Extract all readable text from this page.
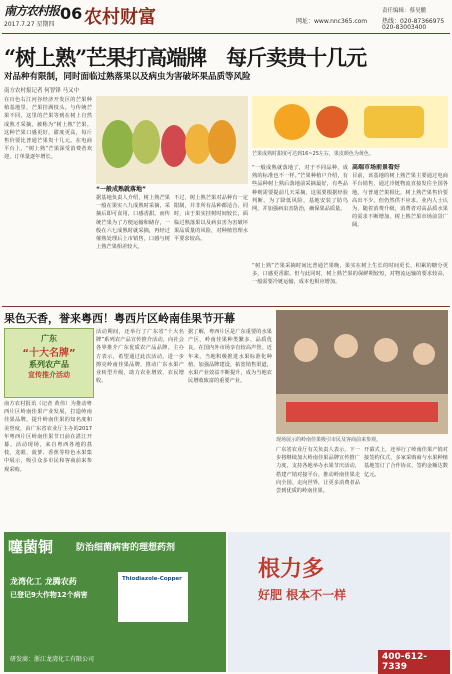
南方农村报 06 农村财富
2017.7.27 星期四	网址：www.nnc365.com
责任编辑：蔡昊鹏
热线：020-87366975
020-83003400
“树上熟”芒果打高端牌　每斤卖贵十几元
对品种有限制，同时面临过熟落果以及病虫为害破坏果品质等风险
南方农村报记者 何智锋 马又中
在百色右江河谷经济开发区的芒果种植基地里，芒果挂满枝头。与传统芒果不同，这里的芒果等到在树上自然成熟才采摘，被称为“树上熟”芒果。这种芒果口感更好，甜度更高，每斤售价要比普通芒果贵十几元。在电商平台上，“树上熟”芒果深受消费者欢迎，订单量逐年增长。
“一般成熟就落地”
据基地负责人介绍，树上熟芒果一般在果实八九成熟时采摘，采摘后即可食用，口感香甜。而传统芒果为了方便运输和储存，一般在六七成熟时就采摘，再经过催熟处理后上市销售，口感与树上熟芒果相差较大。
不过，树上熟芒果对品种有一定限制，并非所有品种都适合。同时，由于果实挂树时间较长，面临过熟落果以及病虫害为害破坏果品质量的风险，对种植管理水平要求较高。
芒果成熟时甜度可达到16~25左右，果皮颜色为黄色。
“一般成熟就落地了，对于不同品种，成熟的标准也不一样。”芒果种植户介绍，有些品种树上熟后落地前采摘最好，有些品种则需要提前几天采摘，这需要根据经验判断。为了降低风险，基地安装了防鸟网，并加强病虫害防治，确保果品质量。
高端市场前景看好
目前，该基地的树上熟芒果主要通过电商平台销售，通过冷链物流直接发往全国各地。与普通芒果相比，树上熟芒果售价要高出不少，但仍然供不应求。业内人士认为，随着消费升级，消费者对高品质水果的需求不断增加，树上熟芒果市场前景广阔。
“树上熟”芒果采摘时间比普通芒果晚，果实在树上生长的时间更长，积累的糖分更多，口感更香甜。但与此同时，树上熟芒果的保鲜期较短，对物流运输的要求较高，一般需要冷链运输，成本也相应增加。
果色天香，誉来粤西！粤西片区岭南佳果节开幕
广东
“十大名牌”
系列农产品
宣传推介活动
南方农村报讯（记者 黄伟）为推动粤西片区岭南佳果产业发展，打造岭南佳果品牌，提升岭南佳果的知名度和美誉度，由广东省农业厅主办的2017年粤西片区岭南佳果节日前在湛江开幕。活动现场，来自粤西各地的荔枝、龙眼、菠萝、香蕉等特色水果集中展示，吸引众多市民和客商前来参观采购。
活动期间，还举行了广东省“十大名牌”系列农产品宣传推介活动，向社会各界推介广东优质农产品品牌。主办方表示，希望通过此次活动，进一步擦亮岭南佳果品牌，推动广东水果产业转型升级，助力农业增效、农民增收。
据了解，粤西片区是广东重要的水果产区，岭南佳果种类繁多、品质优良，在国内外市场享有较高声誉。近年来，当地积极推进水果标准化种植，加强品牌建设，拓宽销售渠道，水果产业效益不断提升，成为当地农民增收致富的重要产业。
现场展示的岭南佳果吸引市民及客商前来参观。
广东省农业厅有关负责人表示，下一步将继续加大岭南佳果品牌宣传推广力度，支持各地举办水果节庆活动，搭建产销对接平台，推动岭南佳果走向全国、走向世界，让更多消费者品尝到优质的岭南佳果。
开幕式上，还举行了岭南佳果产销对接签约仪式，多家采购商与水果种植基地签订了合作协议，签约金额达数亿元。
噻菌铜	防治细菌病害的理想药剂
Thiodiazole-Copper
龙湾化工 龙腾农药
已登记9大作物12个病害
研发商：浙江龙湾化工有限公司
根力多
好肥 根本不一样
400-612-7339
